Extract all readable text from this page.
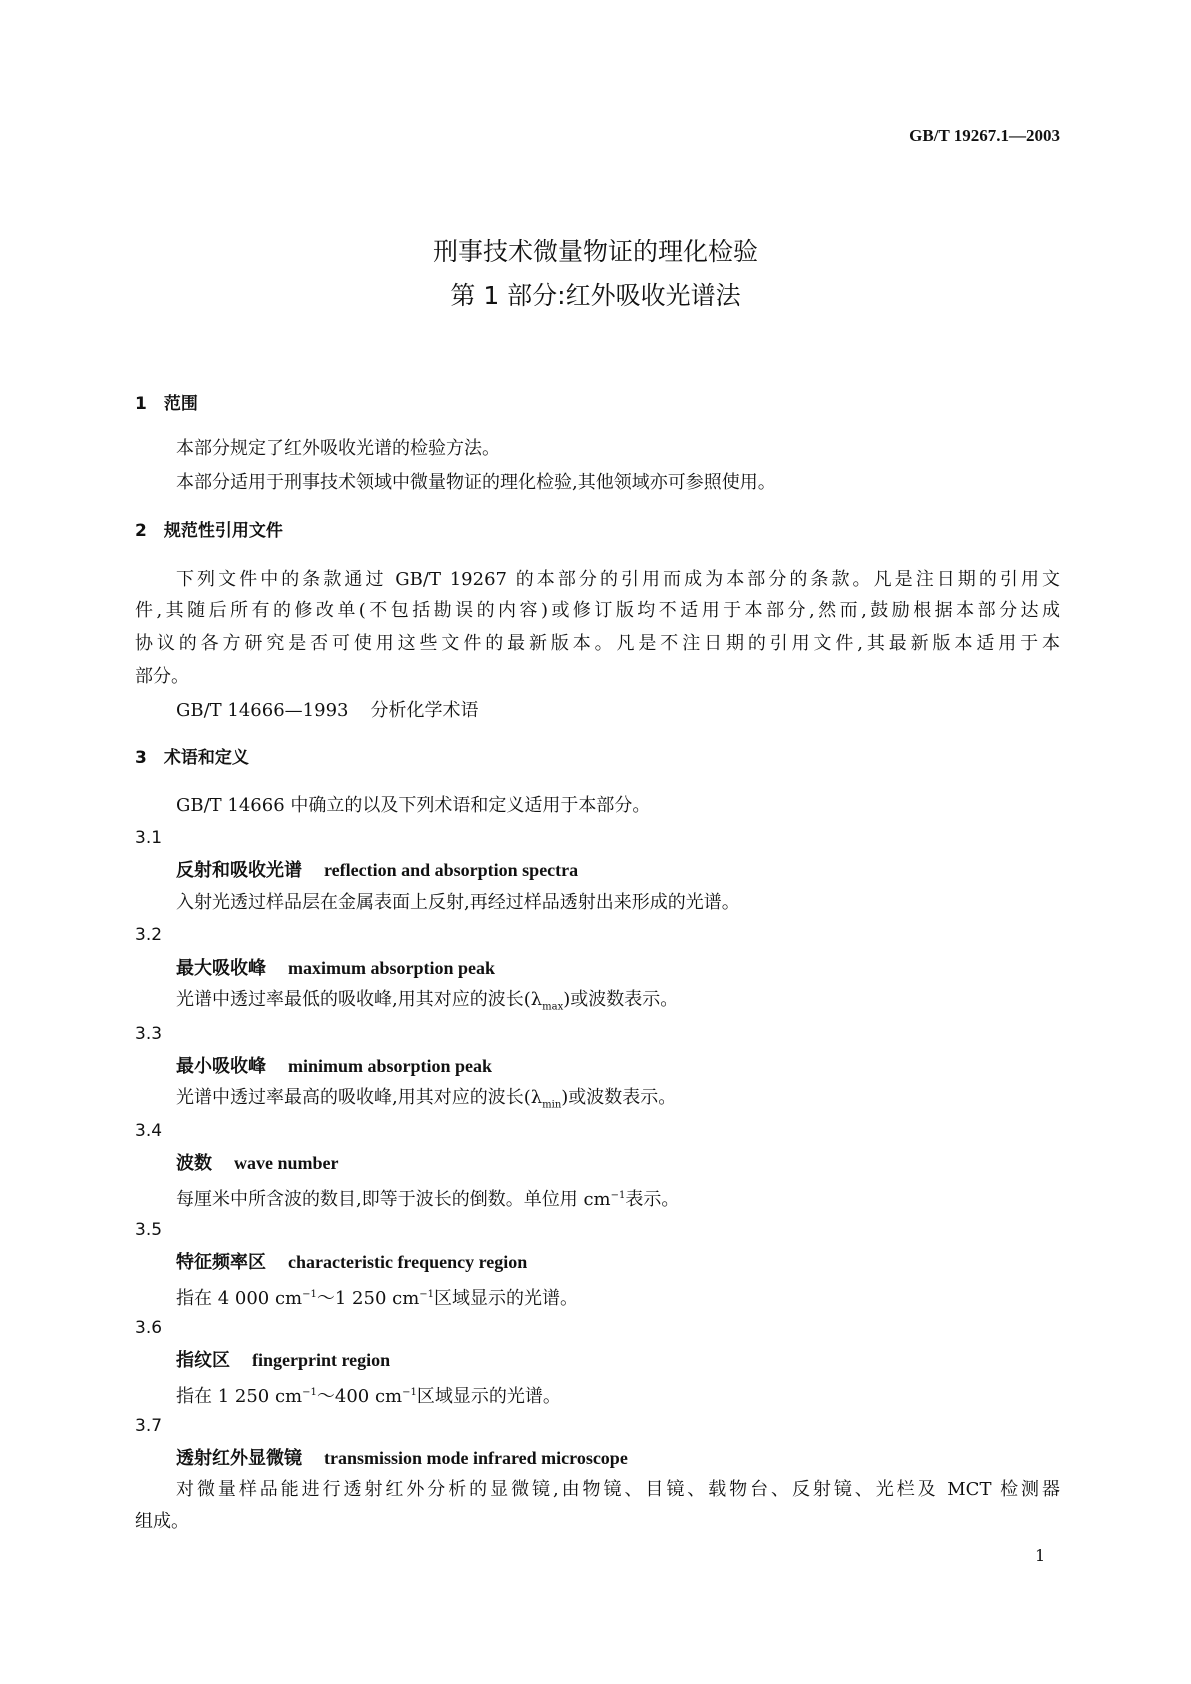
GB/T 19267.1—2003
刑事技术微量物证的理化检验
第 1 部分:红外吸收光谱法
1　范围
本部分规定了红外吸收光谱的检验方法。
本部分适用于刑事技术领域中微量物证的理化检验,其他领域亦可参照使用。
2　规范性引用文件
下列文件中的条款通过 GB/T 19267 的本部分的引用而成为本部分的条款。凡是注日期的引用文
件,其随后所有的修改单(不包括勘误的内容)或修订版均不适用于本部分,然而,鼓励根据本部分达成
协议的各方研究是否可使用这些文件的最新版本。凡是不注日期的引用文件,其最新版本适用于本
部分。
GB/T 14666—1993 分析化学术语
3　术语和定义
GB/T 14666 中确立的以及下列术语和定义适用于本部分。
3.1
反射和吸收光谱 reflection and absorption spectra
入射光透过样品层在金属表面上反射,再经过样品透射出来形成的光谱。
3.2
最大吸收峰 maximum absorption peak
光谱中透过率最低的吸收峰,用其对应的波长$(\lambda_{max})$或波数表示。
3.3
最小吸收峰 minimum absorption peak
光谱中透过率最高的吸收峰,用其对应的波长$(\lambda_{min})$或波数表示。
3.4
波数 wave number
每厘米中所含波的数目,即等于波长的倒数。单位用 $cm^{-1}$表示。
3.5
特征频率区 characteristic frequency region
指在 4 000 $cm^{-1}\sim 1$ 250 $cm^{-1}$区域显示的光谱。
3.6
指纹区 fingerprint region
指在 1 250 $cm^{-1}\sim 400$ $cm^{-1}$区域显示的光谱。
3.7
透射红外显微镜 transmission mode infrared microscope
对微量样品能进行透射红外分析的显微镜,由物镜、目镜、载物台、反射镜、光栏及 MCT 检测器
组成。
1
